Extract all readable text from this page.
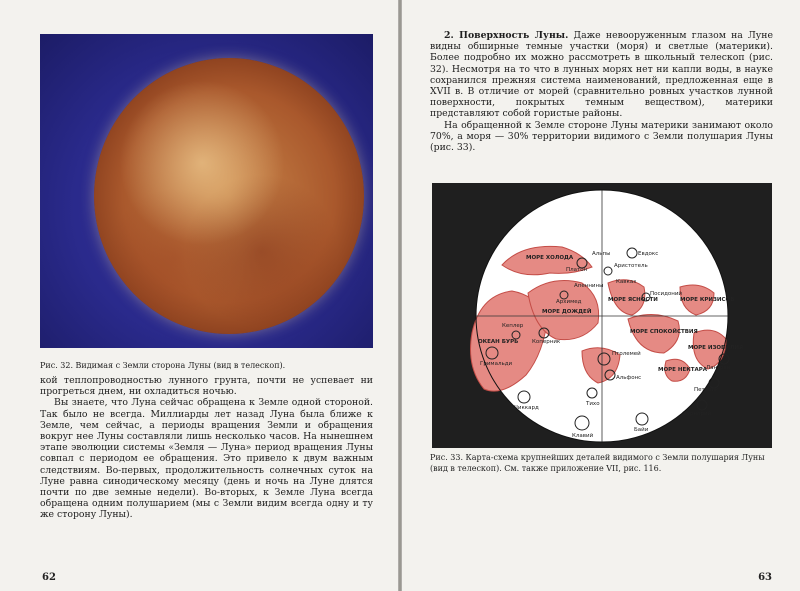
Рис. 32. Видимая с Земли сторона Луны (вид в телескоп).

кой теплопроводностью лунного грунта, почти не успевает ни прогреться днем, ни охладиться ночью.

Вы знаете, что Луна сейчас обращена к Земле одной стороной. Так было не всегда. Миллиарды лет назад Луна была ближе к Земле, чем сейчас, а периоды вращения Земли и обращения вокруг нее Луны составляли лишь несколько часов. На нынешнем этапе эволюции системы «Земля — Луна» период вращения Луны совпал с периодом ее обращения. Это привело к двум важным следствиям. Во-первых, продолжительность солнечных суток на Луне равна синодическому месяцу (день и ночь на Луне длятся почти по две земные недели). Во-вторых, к Земле Луна всегда обращена одним полушарием (мы с Земли видим всегда одну и ту же сторону Луны).

62

2. Поверхность Луны. Даже невооруженным глазом на Луне видны обширные темные участки (моря) и светлые (материки). Более подробно их можно рассмотреть в школьный телескоп (рис. 32). Несмотря на то что в лунных морях нет ни капли воды, в науке сохранился прежняя система наименований, предложенная еще в XVII в. В отличие от морей (сравнительно ровных участков лунной поверхности, покрытых темным веществом), материки представляют собой гористые районы.

На обращенной к Земле стороне Луны материки занимают около 70%, а моря — 30% территории видимого с Земли полушария Луны (рис. 33).

МОРЕ ХОЛОДА
МОРЕ ДОЖДЕЙ
МОРЕ ЯСНОСТИ	МОРЕ КРИЗИСОВ
МОРЕ СПОКОЙСТВИЯ
МОРЕ ИЗОБИЛИЯ
МОРЕ НЕКТАРА
ОКЕАН БУРЬ
Альпы
Кавказ
Апеннины
Коперник
Кеплер
Тихо
Платон
Аристотель
Евдокс
Посидоний
Птолемей
Альфонс
Гримальди
Шиккард
Клавий
Петавий
Фурнерий
Лангрен
Архимед
Байи
Рис. 33. Карта-схема крупнейших деталей видимого с Земли полушария Луны (вид в телескоп). См. также приложение VII, рис. 116.
63
